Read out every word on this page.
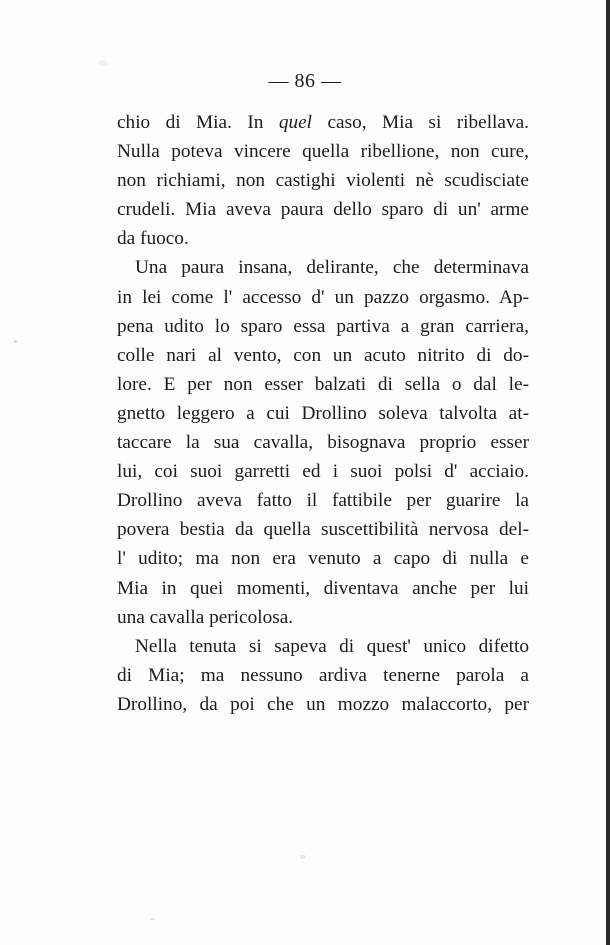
— 86 —
chio di Mia. In quel caso, Mia si ribellava.
Nulla poteva vincere quella ribellione, non cure,
non richiami, non castighi violenti nè scudisciate
crudeli. Mia aveva paura dello sparo di un' arme
da fuoco.
Una paura insana, delirante, che determinava
in lei come l' accesso d' un pazzo orgasmo. Ap-
pena udito lo sparo essa partiva a gran carriera,
colle nari al vento, con un acuto nitrito di do-
lore. E per non esser balzati di sella o dal le-
gnetto leggero a cui Drollino soleva talvolta at-
taccare la sua cavalla, bisognava proprio esser
lui, coi suoi garretti ed i suoi polsi d' acciaio.
Drollino aveva fatto il fattibile per guarire la
povera bestia da quella suscettibilità nervosa del-
l' udito; ma non era venuto a capo di nulla e
Mia in quei momenti, diventava anche per lui
una cavalla pericolosa.
Nella tenuta si sapeva di quest' unico difetto
di Mia; ma nessuno ardiva tenerne parola a
Drollino, da poi che un mozzo malaccorto, per
